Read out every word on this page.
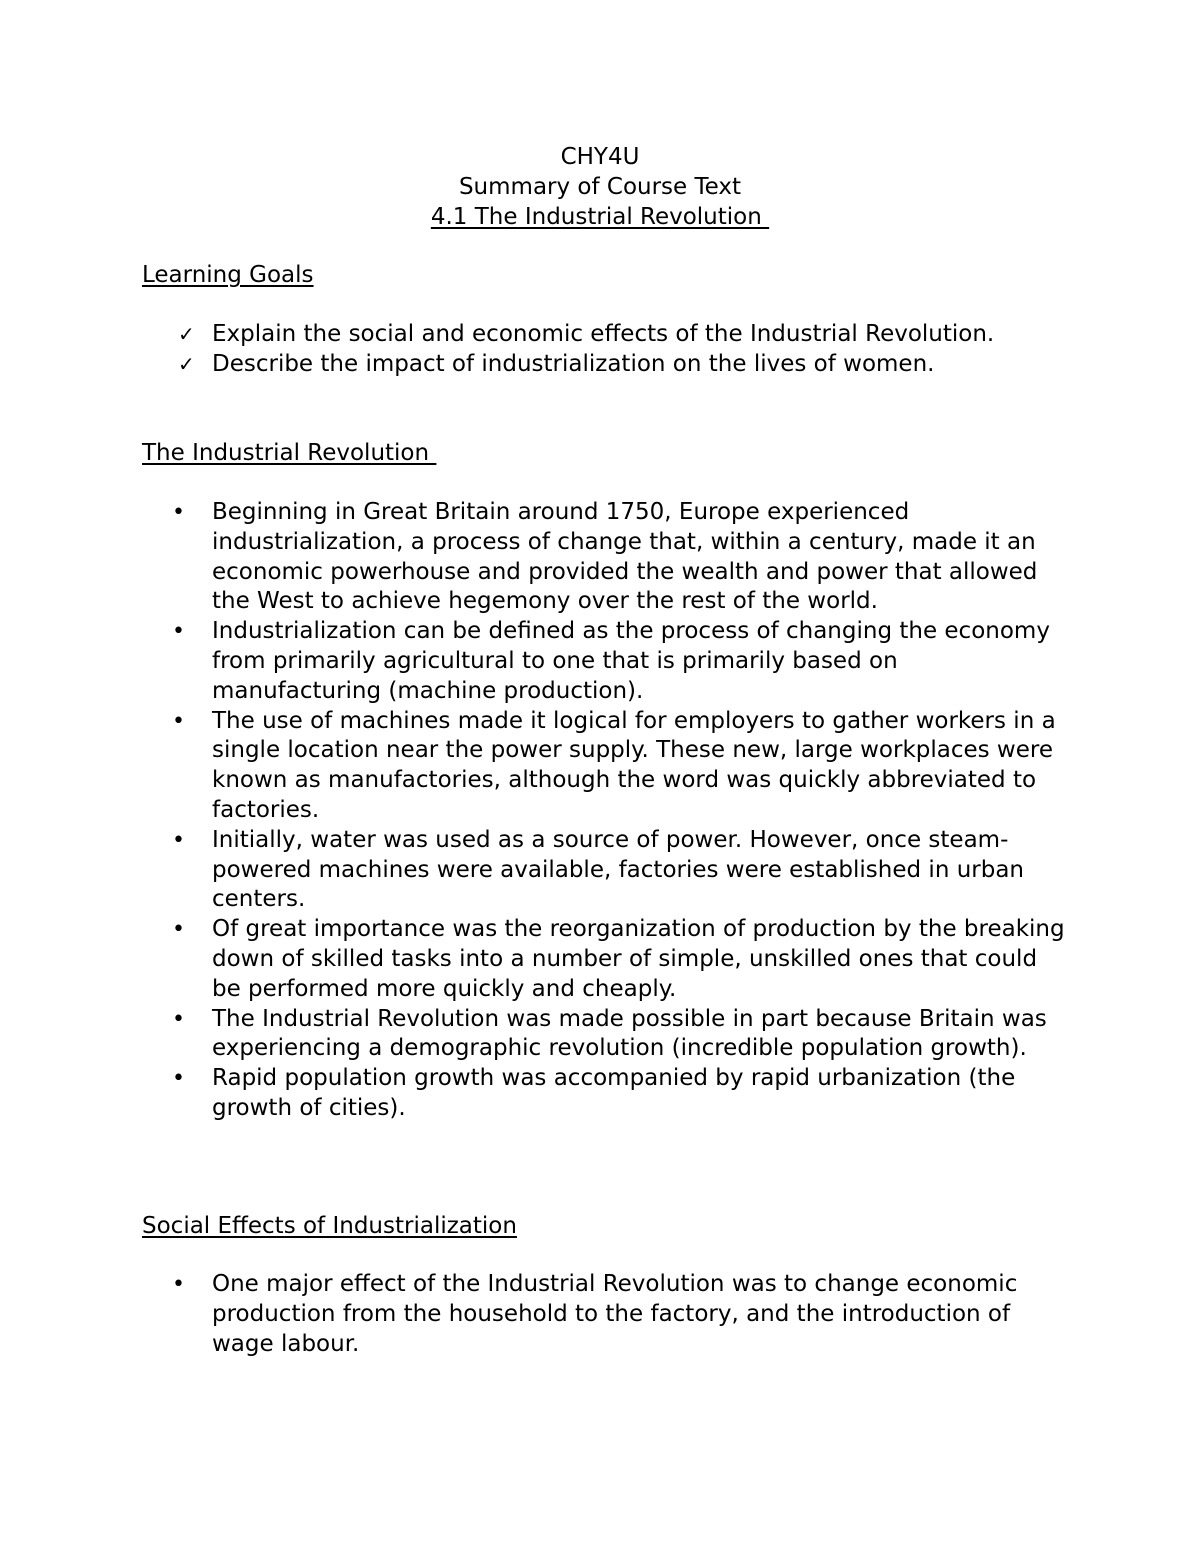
CHY4U
Summary of Course Text
4.1 The Industrial Revolution
Learning Goals
✓ Explain the social and economic effects of the Industrial Revolution.
✓ Describe the impact of industrialization on the lives of women.
The Industrial Revolution
• Beginning in Great Britain around 1750, Europe experienced industrialization, a process of change that, within a century, made it an economic powerhouse and provided the wealth and power that allowed the West to achieve hegemony over the rest of the world.
• Industrialization can be defined as the process of changing the economy from primarily agricultural to one that is primarily based on manufacturing (machine production).
• The use of machines made it logical for employers to gather workers in a single location near the power supply. These new, large workplaces were known as manufactories, although the word was quickly abbreviated to factories.
• Initially, water was used as a source of power. However, once steam-powered machines were available, factories were established in urban centers.
• Of great importance was the reorganization of production by the breaking down of skilled tasks into a number of simple, unskilled ones that could be performed more quickly and cheaply.
• The Industrial Revolution was made possible in part because Britain was experiencing a demographic revolution (incredible population growth).
• Rapid population growth was accompanied by rapid urbanization (the growth of cities).
Social Effects of Industrialization
• One major effect of the Industrial Revolution was to change economic production from the household to the factory, and the introduction of wage labour.
